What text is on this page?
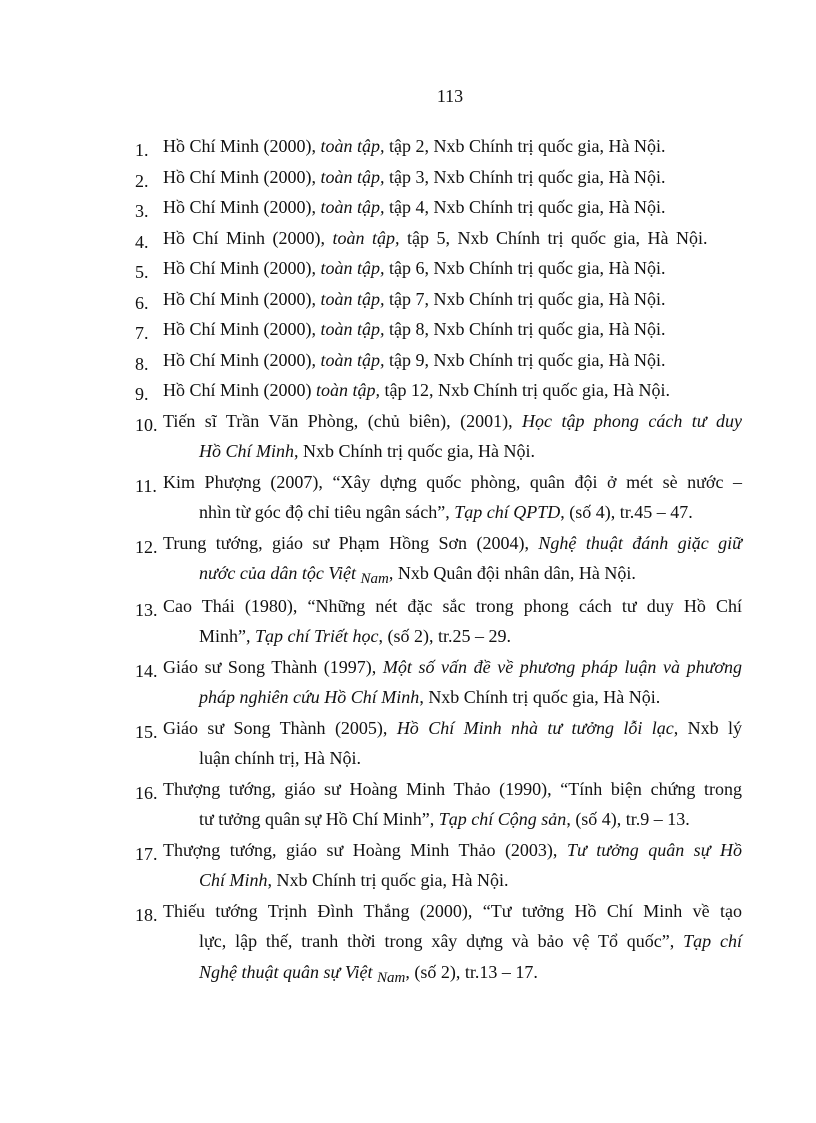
113
1. Hồ Chí Minh (2000), toàn tập, tập 2, Nxb Chính trị quốc gia, Hà Nội.
2. Hồ Chí Minh (2000), toàn tập, tập 3, Nxb Chính trị quốc gia, Hà Nội.
3. Hồ Chí Minh (2000), toàn tập, tập 4, Nxb Chính trị quốc gia, Hà Nội.
4. Hồ Chí Minh (2000), toàn tập, tập 5, Nxb Chính trị quốc gia, Hà Nội.
5. Hồ Chí Minh (2000), toàn tập, tập 6, Nxb Chính trị quốc gia, Hà Nội.
6. Hồ Chí Minh (2000), toàn tập, tập 7, Nxb Chính trị quốc gia, Hà Nội.
7. Hồ Chí Minh (2000), toàn tập, tập 8, Nxb Chính trị quốc gia, Hà Nội.
8. Hồ Chí Minh (2000), toàn tập, tập 9, Nxb Chính trị quốc gia, Hà Nội.
9. Hồ Chí Minh (2000) toàn tập, tập 12, Nxb Chính trị quốc gia, Hà Nội.
10. Tiến sĩ Trần Văn Phòng, (chủ biên), (2001), Học tập phong cách tư duy
Hồ Chí Minh, Nxb Chính trị quốc gia, Hà Nội.
11. Kim Phượng (2007), “Xây dựng quốc phòng, quân đội ở mét sè nước –
nhìn từ góc độ chỉ tiêu ngân sách”, Tạp chí QPTD, (số 4), tr.45 – 47.
12. Trung tướng, giáo sư Phạm Hồng Sơn (2004), Nghệ thuật đánh giặc giữ
nước của dân tộc Việt $_{Nam}$, Nxb Quân đội nhân dân, Hà Nội.
13. Cao Thái (1980), “Những nét đặc sắc trong phong cách tư duy Hồ Chí
Minh”, Tạp chí Triết học, (số 2), tr.25 – 29.
14. Giáo sư Song Thành (1997), Một số vấn đề về phương pháp luận và phương
pháp nghiên cứu Hồ Chí Minh, Nxb Chính trị quốc gia, Hà Nội.
15. Giáo sư Song Thành (2005), Hồ Chí Minh nhà tư tưởng lỗi lạc, Nxb lý
luận chính trị, Hà Nội.
16. Thượng tướng, giáo sư Hoàng Minh Thảo (1990), “Tính biện chứng trong
tư tưởng quân sự Hồ Chí Minh”, Tạp chí Cộng sản, (số 4), tr.9 – 13.
17. Thượng tướng, giáo sư Hoàng Minh Thảo (2003), Tư tưởng quân sự Hồ
Chí Minh, Nxb Chính trị quốc gia, Hà Nội.
18. Thiếu tướng Trịnh Đình Thắng (2000), “Tư tưởng Hồ Chí Minh về tạo
lực, lập thế, tranh thời trong xây dựng và bảo vệ Tổ quốc”, Tạp chí
Nghệ thuật quân sự Việt $_{Nam}$, (số 2), tr.13 – 17.
